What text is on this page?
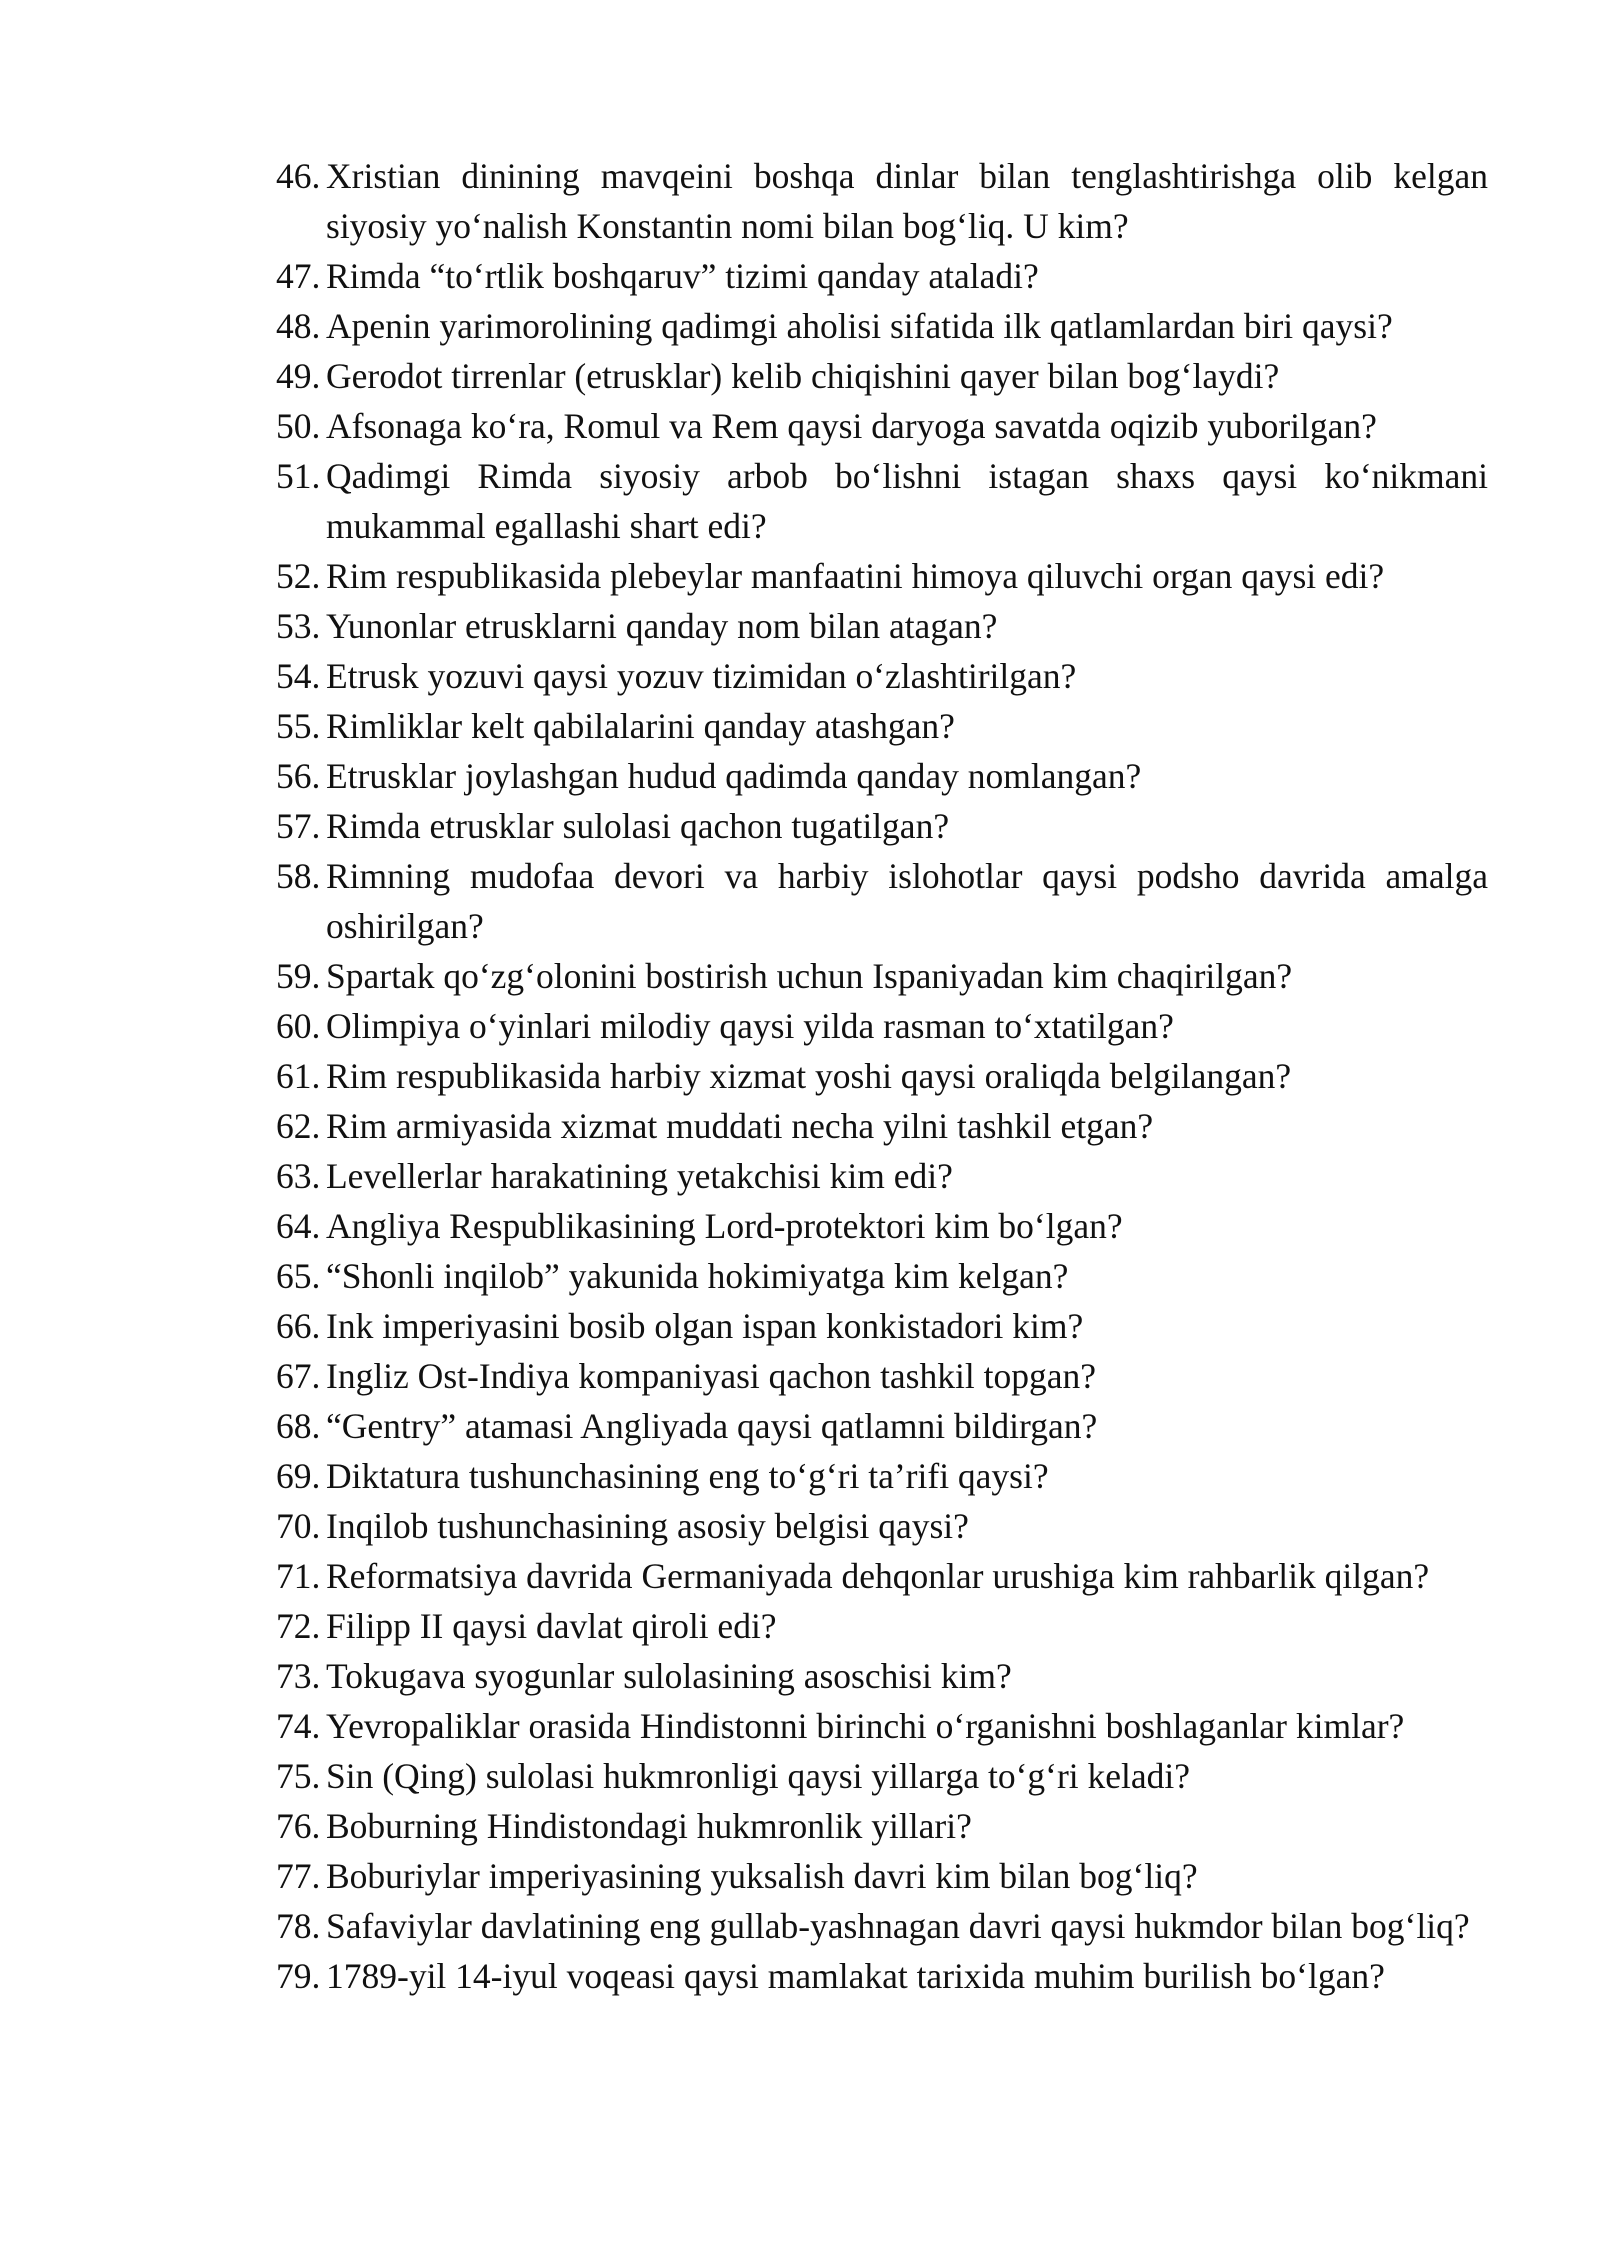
46. Xristian dinining mavqeini boshqa dinlar bilan tenglashtirishga olib kelgan siyosiy yo‘nalish Konstantin nomi bilan bog‘liq. U kim?
47. Rimda “to‘rtlik boshqaruv” tizimi qanday ataladi?
48. Apenin yarimorolining qadimgi aholisi sifatida ilk qatlamlardan biri qaysi?
49. Gerodot tirrenlar (etrusklar) kelib chiqishini qayer bilan bog‘laydi?
50. Afsonaga ko‘ra, Romul va Rem qaysi daryoga savatda oqizib yuborilgan?
51. Qadimgi Rimda siyosiy arbob bo‘lishni istagan shaxs qaysi ko‘nikmani mukammal egallashi shart edi?
52. Rim respublikasida plebeylar manfaatini himoya qiluvchi organ qaysi edi?
53. Yunonlar etrusklarni qanday nom bilan atagan?
54. Etrusk yozuvi qaysi yozuv tizimidan o‘zlashtirilgan?
55. Rimliklar kelt qabilalarini qanday atashgan?
56. Etrusklar joylashgan hudud qadimda qanday nomlangan?
57. Rimda etrusklar sulolasi qachon tugatilgan?
58. Rimning mudofaa devori va harbiy islohotlar qaysi podsho davrida amalga oshirilgan?
59. Spartak qo‘zg‘olonini bostirish uchun Ispaniyadan kim chaqirilgan?
60. Olimpiya o‘yinlari milodiy qaysi yilda rasman to‘xtatilgan?
61. Rim respublikasida harbiy xizmat yoshi qaysi oraliqda belgilangan?
62. Rim armiyasida xizmat muddati necha yilni tashkil etgan?
63. Levellerlar harakatining yetakchisi kim edi?
64. Angliya Respublikasining Lord-protektori kim bo‘lgan?
65. “Shonli inqilob” yakunida hokimiyatga kim kelgan?
66. Ink imperiyasini bosib olgan ispan konkistadori kim?
67. Ingliz Ost-Indiya kompaniyasi qachon tashkil topgan?
68. “Gentry” atamasi Angliyada qaysi qatlamni bildirgan?
69. Diktatura tushunchasining eng to‘g‘ri ta’rifi qaysi?
70. Inqilob tushunchasining asosiy belgisi qaysi?
71. Reformatsiya davrida Germaniyada dehqonlar urushiga kim rahbarlik qilgan?
72. Filipp II qaysi davlat qiroli edi?
73. Tokugava syogunlar sulolasining asoschisi kim?
74. Yevropaliklar orasida Hindistonni birinchi o‘rganishni boshlaganlar kimlar?
75. Sin (Qing) sulolasi hukmronligi qaysi yillarga to‘g‘ri keladi?
76. Boburning Hindistondagi hukmronlik yillari?
77. Boburiylar imperiyasining yuksalish davri kim bilan bog‘liq?
78. Safaviylar davlatining eng gullab-yashnagan davri qaysi hukmdor bilan bog‘liq?
79. 1789-yil 14-iyul voqeasi qaysi mamlakat tarixida muhim burilish bo‘lgan?
